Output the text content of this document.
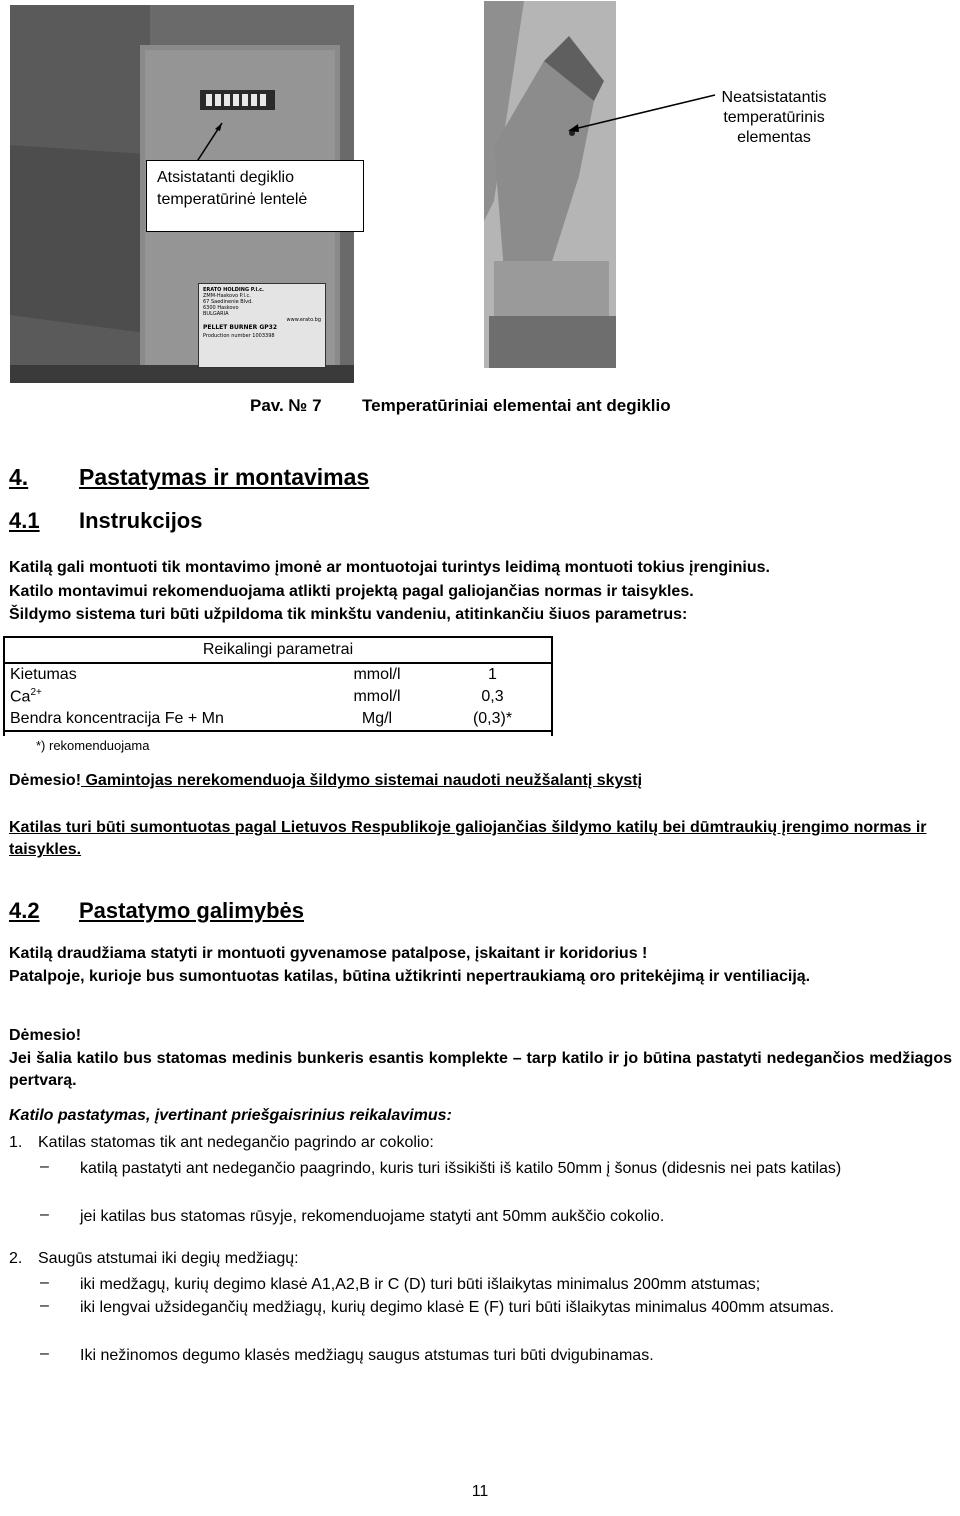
ERATO HOLDING P.l.c.
ZMM-Haskovo P.l.c.
67 Saedinenie Blvd.
6300 Haskovo
BULGARIA
www.erato.bg
PELLET BURNER GP32
Production number 1003398
Atsistatanti degiklio
temperatūrinė lentelė
Neatsistatantis
temperatūrinis
elementas
Pav. № 7 Temperatūriniai elementai ant degiklio
4. Pastatymas ir montavimas
4.1 Instrukcijos
Katilą gali montuoti tik montavimo įmonė ar montuotojai turintys leidimą montuoti tokius įrenginius.
Katilo montavimui rekomenduojama atlikti projektą pagal galiojančias normas ir taisykles.
Šildymo sistema turi būti užpildoma tik minkštu vandeniu, atitinkančiu šiuos parametrus:
Reikalingi parametrai		
Kietumas	mmol/l	1
$Ca^{2+}$	mmol/l	0,3
Bendra koncentracija Fe + Mn	Mg/l	(0,3)*
*) rekomenduojama
Dėmesio! Gamintojas nerekomenduoja šildymo sistemai naudoti neužšalantį skystį
Katilas turi būti sumontuotas pagal Lietuvos Respublikoje galiojančias šildymo katilų bei dūmtraukių įrengimo normas ir taisykles.
4.2 Pastatymo galimybės
Katilą draudžiama statyti ir montuoti gyvenamose patalpose, įskaitant ir koridorius !
Patalpoje, kurioje bus sumontuotas katilas, būtina užtikrinti nepertraukiamą oro pritekėjimą ir ventiliaciją.
Dėmesio!
Jei šalia katilo bus statomas medinis bunkeris esantis komplekte – tarp katilo ir jo būtina pastatyti nedegančios medžiagos pertvarą.
Katilo pastatymas, įvertinant priešgaisrinius reikalavimus:
1. Katilas statomas tik ant nedegančio pagrindo ar cokolio:
– katilą pastatyti ant nedegančio paagrindo, kuris turi išsikišti iš katilo 50mm į šonus (didesnis nei pats katilas)
– jei katilas bus statomas rūsyje, rekomenduojame statyti ant 50mm aukščio cokolio.
2. Saugūs atstumai iki degių medžiagų:
– iki medžagų, kurių degimo klasė A1,A2,B ir C (D) turi būti išlaikytas minimalus 200mm atstumas;
– iki lengvai užsidegančių medžiagų, kurių degimo klasė E (F) turi būti išlaikytas minimalus 400mm atsumas.
– Iki nežinomos degumo klasės medžiagų saugus atstumas turi būti dvigubinamas.
11
